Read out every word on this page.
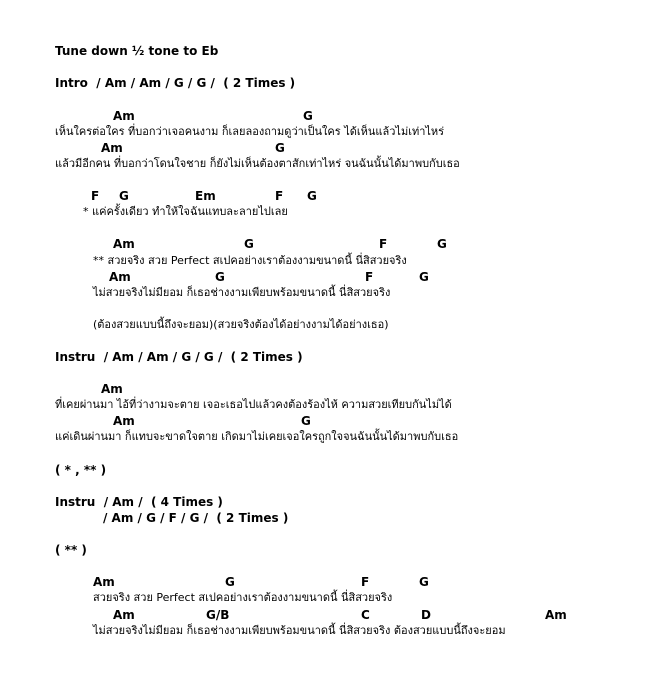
Tune down ½ tone to Eb
Intro  / Am / Am / G / G /  ( 2 Times )
Am	G
เห็นใครต่อใคร ที่บอกว่าเจอคนงาม ก็เลยลองถามดูว่าเป็นใคร ได้เห็นแล้วไม่เท่าไหร่
Am	G
แล้วมีอีกคน ที่บอกว่าโดนใจชาย ก็ยังไม่เห็นต้องตาสักเท่าไหร่ จนฉันนั้นได้มาพบกับเธอ
F G	Em	F G
* แค่ครั้งเดียว ทำให้ใจฉันแทบละลายไปเลย
Am	G	F	G
** สวยจริง สวย Perfect สเปคอย่างเราต้องงามขนาดนี้ นี่สิสวยจริง
Am	G	F	G
ไม่สวยจริงไม่มียอม ก็เธอช่างงามเพียบพร้อมขนาดนี้ นี่สิสวยจริง
(ต้องสวยแบบนี้ถึงจะยอม)(สวยจริงต้องได้อย่างงามได้อย่างเธอ)
Instru  / Am / Am / G / G /  ( 2 Times )
Am
ที่เคยผ่านมา ไอ้ที่ว่างามจะตาย เจอะเธอไปแล้วคงต้องร้องไห้ ความสวยเทียบกันไม่ได้
Am	G
แค่เดินผ่านมา ก็แทบจะขาดใจตาย เกิดมาไม่เคยเจอใครถูกใจจนฉันนั้นได้มาพบกับเธอ
( * , ** )
Instru  / Am /  ( 4 Times )
/ Am / G / F / G /  ( 2 Times )
( ** )
Am	G	F	G
สวยจริง สวย Perfect สเปคอย่างเราต้องงามขนาดนี้ นี่สิสวยจริง
Am	G/B	C	D	Am
ไม่สวยจริงไม่มียอม ก็เธอช่างงามเพียบพร้อมขนาดนี้ นี่สิสวยจริง ต้องสวยแบบนี้ถึงจะยอม
